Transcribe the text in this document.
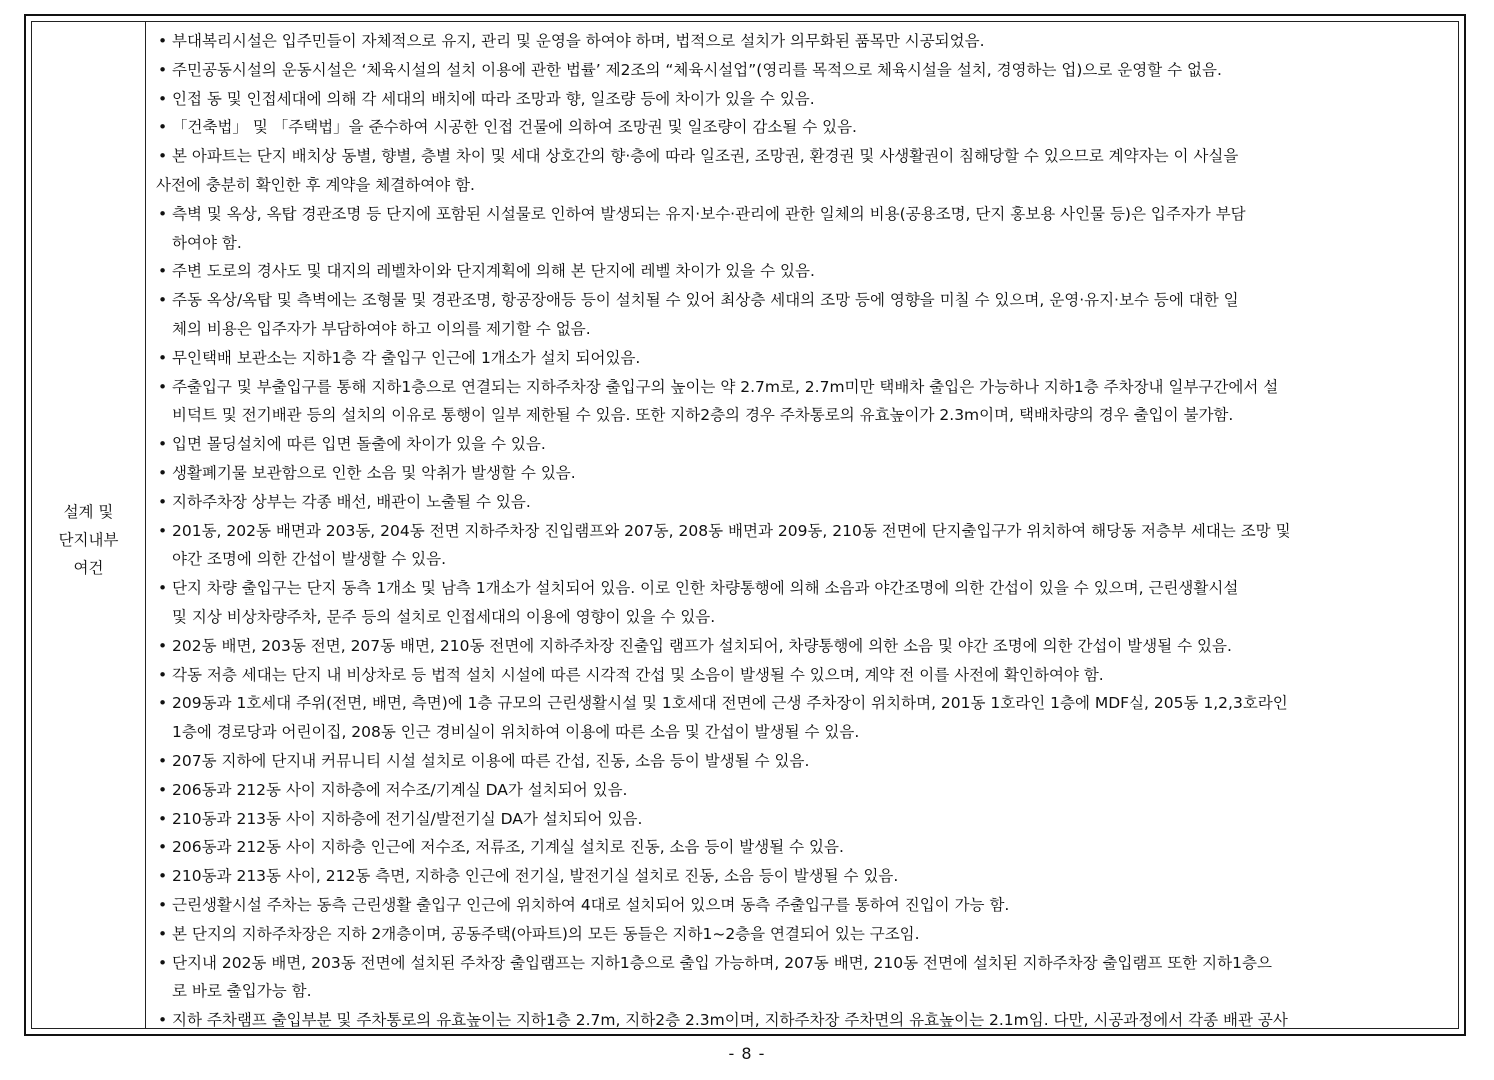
설계 및
단지내부
여건
• 부대복리시설은 입주민들이 자체적으로 유지, 관리 및 운영을 하여야 하며, 법적으로 설치가 의무화된 품목만 시공되었음.
• 주민공동시설의 운동시설은 ‘체육시설의 설치 이용에 관한 법률’ 제2조의 “체육시설업”(영리를 목적으로 체육시설을 설치, 경영하는 업)으로 운영할 수 없음.
• 인접 동 및 인접세대에 의해 각 세대의 배치에 따라 조망과 향, 일조량 등에 차이가 있을 수 있음.
• 「건축법」 및 「주택법」을 준수하여 시공한 인접 건물에 의하여 조망권 및 일조량이 감소될 수 있음.
• 본 아파트는 단지 배치상 동별, 향별, 층별 차이 및 세대 상호간의 향·층에 따라 일조권, 조망권, 환경권 및 사생활권이 침해당할 수 있으므로 계약자는 이 사실을
사전에 충분히 확인한 후 계약을 체결하여야 함.
• 측벽 및 옥상, 옥탑 경관조명 등 단지에 포함된 시설물로 인하여 발생되는 유지·보수·관리에 관한 일체의 비용(공용조명, 단지 홍보용 사인물 등)은 입주자가 부담
하여야 함.
• 주변 도로의 경사도 및 대지의 레벨차이와 단지계획에 의해 본 단지에 레벨 차이가 있을 수 있음.
• 주동 옥상/옥탑 및 측벽에는 조형물 및 경관조명, 항공장애등 등이 설치될 수 있어 최상층 세대의 조망 등에 영향을 미칠 수 있으며, 운영·유지·보수 등에 대한 일
체의 비용은 입주자가 부담하여야 하고 이의를 제기할 수 없음.
• 무인택배 보관소는 지하1층 각 출입구 인근에 1개소가 설치 되어있음.
• 주출입구 및 부출입구를 통해 지하1층으로 연결되는 지하주차장 출입구의 높이는 약 2.7m로, 2.7m미만 택배차 출입은 가능하나 지하1층 주차장내 일부구간에서 설
비덕트 및 전기배관 등의 설치의 이유로 통행이 일부 제한될 수 있음. 또한 지하2층의 경우 주차통로의 유효높이가 2.3m이며, 택배차량의 경우 출입이 불가함.
• 입면 몰딩설치에 따른 입면 돌출에 차이가 있을 수 있음.
• 생활폐기물 보관함으로 인한 소음 및 악취가 발생할 수 있음.
• 지하주차장 상부는 각종 배선, 배관이 노출될 수 있음.
• 201동, 202동 배면과 203동, 204동 전면 지하주차장 진입램프와 207동, 208동 배면과 209동, 210동 전면에 단지출입구가 위치하여 해당동 저층부 세대는 조망 및
야간 조명에 의한 간섭이 발생할 수 있음.
• 단지 차량 출입구는 단지 동측 1개소 및 남측 1개소가 설치되어 있음. 이로 인한 차량통행에 의해 소음과 야간조명에 의한 간섭이 있을 수 있으며, 근린생활시설
및 지상 비상차량주차, 문주 등의 설치로 인접세대의 이용에 영향이 있을 수 있음.
• 202동 배면, 203동 전면, 207동 배면, 210동 전면에 지하주차장 진출입 램프가 설치되어, 차량통행에 의한 소음 및 야간 조명에 의한 간섭이 발생될 수 있음.
• 각동 저층 세대는 단지 내 비상차로 등 법적 설치 시설에 따른 시각적 간섭 및 소음이 발생될 수 있으며, 계약 전 이를 사전에 확인하여야 함.
• 209동과 1호세대 주위(전면, 배면, 측면)에 1층 규모의 근린생활시설 및 1호세대 전면에 근생 주차장이 위치하며, 201동 1호라인 1층에 MDF실, 205동 1,2,3호라인
1층에 경로당과 어린이집, 208동 인근 경비실이 위치하여 이용에 따른 소음 및 간섭이 발생될 수 있음.
• 207동 지하에 단지내 커뮤니티 시설 설치로 이용에 따른 간섭, 진동, 소음 등이 발생될 수 있음.
• 206동과 212동 사이 지하층에 저수조/기계실 DA가 설치되어 있음.
• 210동과 213동 사이 지하층에 전기실/발전기실 DA가 설치되어 있음.
• 206동과 212동 사이 지하층 인근에 저수조, 저류조, 기계실 설치로 진동, 소음 등이 발생될 수 있음.
• 210동과 213동 사이, 212동 측면, 지하층 인근에 전기실, 발전기실 설치로 진동, 소음 등이 발생될 수 있음.
• 근린생활시설 주차는 동측 근린생활 출입구 인근에 위치하여 4대로 설치되어 있으며 동측 주출입구를 통하여 진입이 가능 함.
• 본 단지의 지하주차장은 지하 2개층이며, 공동주택(아파트)의 모든 동들은 지하1~2층을 연결되어 있는 구조임.
• 단지내 202동 배면, 203동 전면에 설치된 주차장 출입램프는 지하1층으로 출입 가능하며, 207동 배면, 210동 전면에 설치된 지하주차장 출입램프 또한 지하1층으
로 바로 출입가능 함.
• 지하 주차램프 출입부분 및 주차통로의 유효높이는 지하1층 2.7m, 지하2층 2.3m이며, 지하주차장 주차면의 유효높이는 2.1m임. 다만, 시공과정에서 각종 배관 공사
- 8 -
